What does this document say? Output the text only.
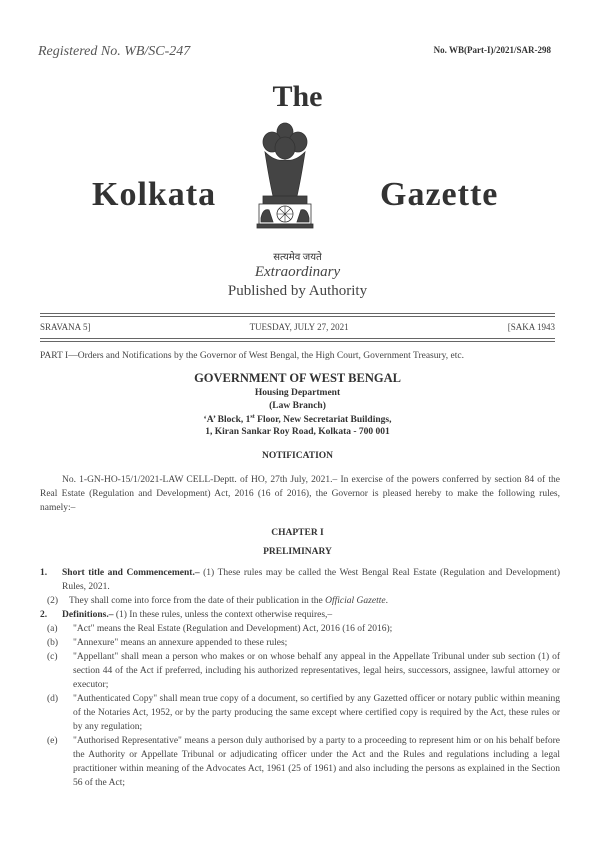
Registered No. WB/SC-247	No. WB(Part-I)/2021/SAR-298
The
Kolkata	Gazette
सत्यमेव जयते
Extraordinary
Published by Authority
SRAVANA 5]	TUESDAY, JULY 27, 2021	[SAKA 1943
PART I—Orders and Notifications by the Governor of West Bengal, the High Court, Government Treasury, etc.
GOVERNMENT OF WEST BENGAL
Housing Department
(Law Branch)
‘A’ Block, 1st Floor, New Secretariat Buildings,
1, Kiran Sankar Roy Road, Kolkata - 700 001
NOTIFICATION

No. 1-GN-HO-15/1/2021-LAW CELL-Deptt. of HO, 27th July, 2021.– In exercise of the powers conferred by section 84 of the Real Estate (Regulation and Development) Act, 2016 (16 of 2016), the Governor is pleased hereby to make the following rules, namely:–

CHAPTER I
PRELIMINARY
1.	Short title and Commencement.– (1) These rules may be called the West Bengal Real Estate (Regulation and Development) Rules, 2021.

(2)	They shall come into force from the date of their publication in the Official Gazette.

2.	Definitions.– (1) In these rules, unless the context otherwise requires,–

(a)	"Act" means the Real Estate (Regulation and Development) Act, 2016 (16 of 2016);

(b)	"Annexure" means an annexure appended to these rules;

(c)	"Appellant" shall mean a person who makes or on whose behalf any appeal in the Appellate Tribunal under sub section (1) of section 44 of the Act if preferred, including his authorized representatives, legal heirs, successors, assignee, lawful attorney or executor;

(d)	"Authenticated Copy" shall mean true copy of a document, so certified by any Gazetted officer or notary public within meaning of the Notaries Act, 1952, or by the party producing the same except where certified copy is required by the Act, these rules or by any regulation;

(e)	"Authorised Representative" means a person duly authorised by a party to a proceeding to represent him or on his behalf before the Authority or Appellate Tribunal or adjudicating officer under the Act and the Rules and regulations including a legal practitioner within meaning of the Advocates Act, 1961 (25 of 1961) and also including the persons as explained in the Section 56 of the Act;
